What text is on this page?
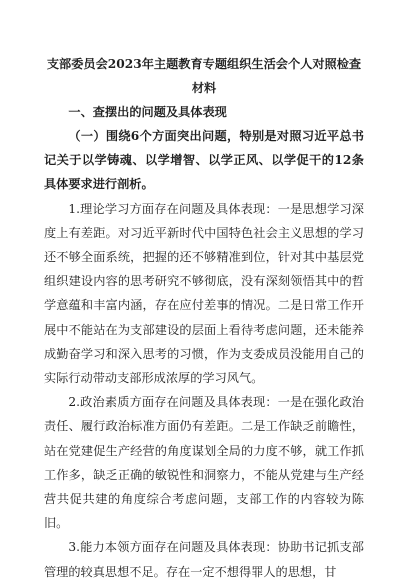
支部委员会2023年主题教育专题组织生活会个人对照检查材料

一、查摆出的问题及具体表现

（一）围绕6个方面突出问题，特别是对照习近平总书记关于以学铸魂、以学增智、以学正风、以学促干的12条具体要求进行剖析。

1.理论学习方面存在问题及具体表现：一是思想学习深度上有差距。对习近平新时代中国特色社会主义思想的学习还不够全面系统，把握的还不够精准到位，针对其中基层党组织建设内容的思考研究不够彻底，没有深刻领悟其中的哲学意蕴和丰富内涵，存在应付差事的情况。二是日常工作开展中不能站在为支部建设的层面上看待考虑问题，还未能养成勤奋学习和深入思考的习惯，作为支委成员没能用自己的实际行动带动支部形成浓厚的学习风气。

2.政治素质方面存在问题及具体表现：一是在强化政治责任、履行政治标准方面仍有差距。二是工作缺乏前瞻性，站在党建促生产经营的角度谋划全局的力度不够，就工作抓工作多，缺乏正确的敏锐性和洞察力，不能从党建与生产经营共促共建的角度综合考虑问题，支部工作的内容较为陈旧。

3.能力本领方面存在问题及具体表现：协助书记抓支部管理的较真思想不足。存在一定不想得罪人的思想，甘
